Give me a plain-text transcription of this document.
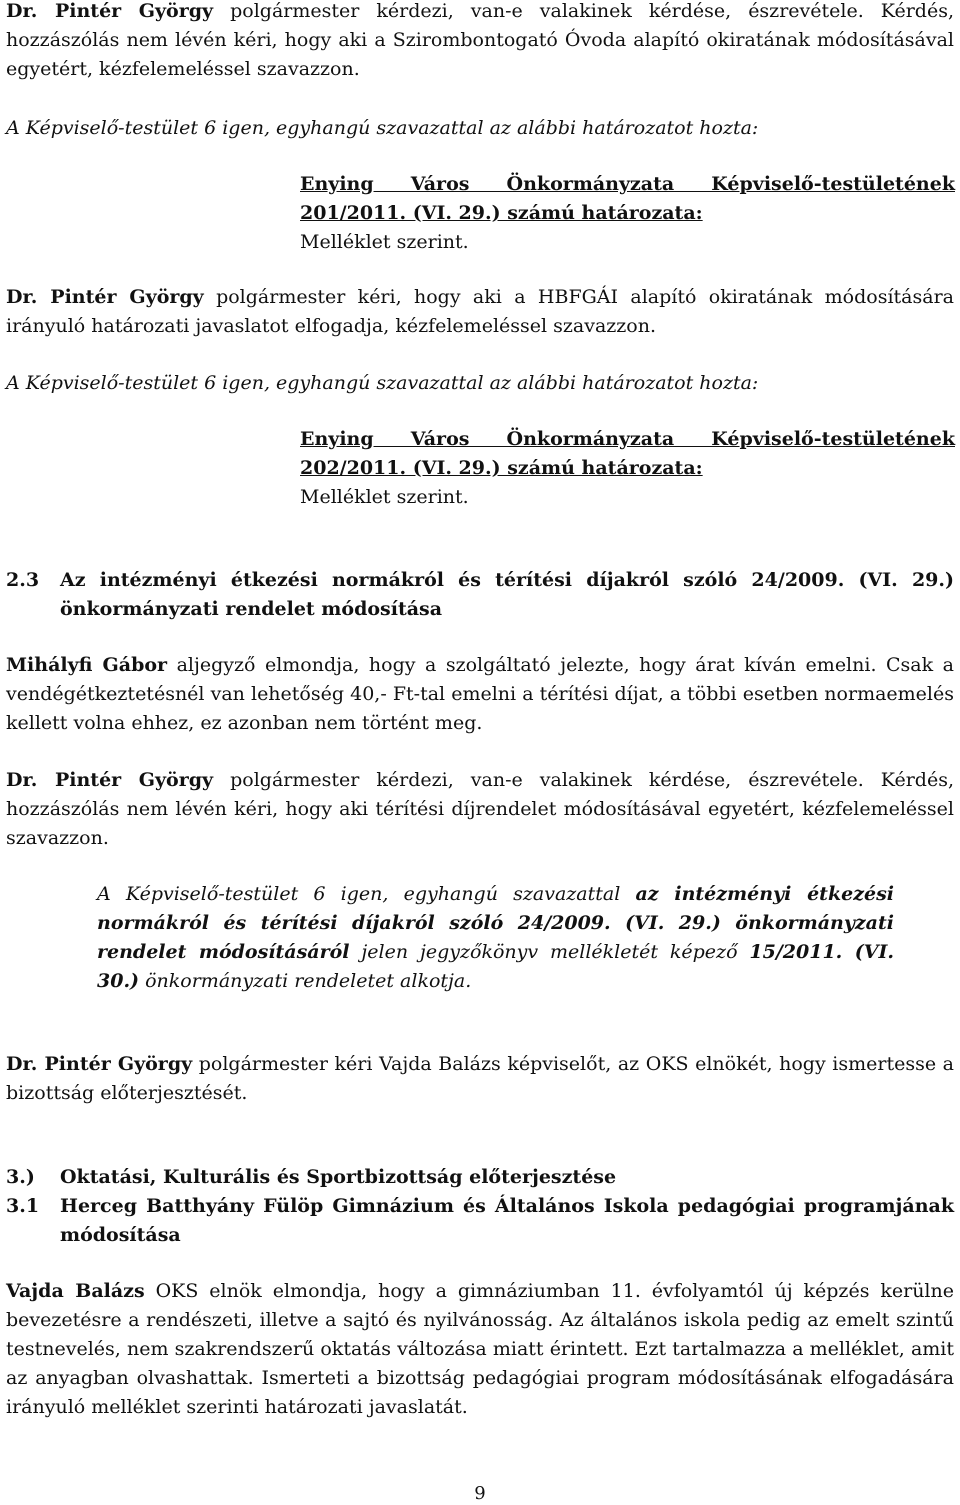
Dr. Pintér György polgármester kérdezi, van-e valakinek kérdése, észrevétele. Kérdés, hozzászólás nem lévén kéri, hogy aki a Szirombontogató Óvoda alapító okiratának módosításával egyetért, kézfelemeléssel szavazzon.
A Képviselő-testület 6 igen, egyhangú szavazattal az alábbi határozatot hozta:
Enying Város Önkormányzata Képviselő-testületének
201/2011. (VI. 29.) számú határozata:
Melléklet szerint.
Dr. Pintér György polgármester kéri, hogy aki a HBFGÁI alapító okiratának módosítására irányuló határozati javaslatot elfogadja, kézfelemeléssel szavazzon.
A Képviselő-testület 6 igen, egyhangú szavazattal az alábbi határozatot hozta:
Enying Város Önkormányzata Képviselő-testületének
202/2011. (VI. 29.) számú határozata:
Melléklet szerint.
2.3 Az intézményi étkezési normákról és térítési díjakról szóló 24/2009. (VI. 29.) önkormányzati rendelet módosítása
Mihályfi Gábor aljegyző elmondja, hogy a szolgáltató jelezte, hogy árat kíván emelni. Csak a vendégétkeztetésnél van lehetőség 40,- Ft-tal emelni a térítési díjat, a többi esetben normaemelés kellett volna ehhez, ez azonban nem történt meg.
Dr. Pintér György polgármester kérdezi, van-e valakinek kérdése, észrevétele. Kérdés, hozzászólás nem lévén kéri, hogy aki térítési díjrendelet módosításával egyetért, kézfelemeléssel szavazzon.
A Képviselő-testület 6 igen, egyhangú szavazattal az intézményi étkezési normákról és térítési díjakról szóló 24/2009. (VI. 29.) önkormányzati rendelet módosításáról jelen jegyzőkönyv mellékletét képező 15/2011. (VI. 30.) önkormányzati rendeletet alkotja.
Dr. Pintér György polgármester kéri Vajda Balázs képviselőt, az OKS elnökét, hogy ismertesse a bizottság előterjesztését.
3.) Oktatási, Kulturális és Sportbizottság előterjesztése
3.1 Herceg Batthyány Fülöp Gimnázium és Általános Iskola pedagógiai programjának módosítása
Vajda Balázs OKS elnök elmondja, hogy a gimnáziumban 11. évfolyamtól új képzés kerülne bevezetésre a rendészeti, illetve a sajtó és nyilvánosság. Az általános iskola pedig az emelt szintű testnevelés, nem szakrendszerű oktatás változása miatt érintett. Ezt tartalmazza a melléklet, amit az anyagban olvashattak. Ismerteti a bizottság pedagógiai program módosításának elfogadására irányuló melléklet szerinti határozati javaslatát.
9
